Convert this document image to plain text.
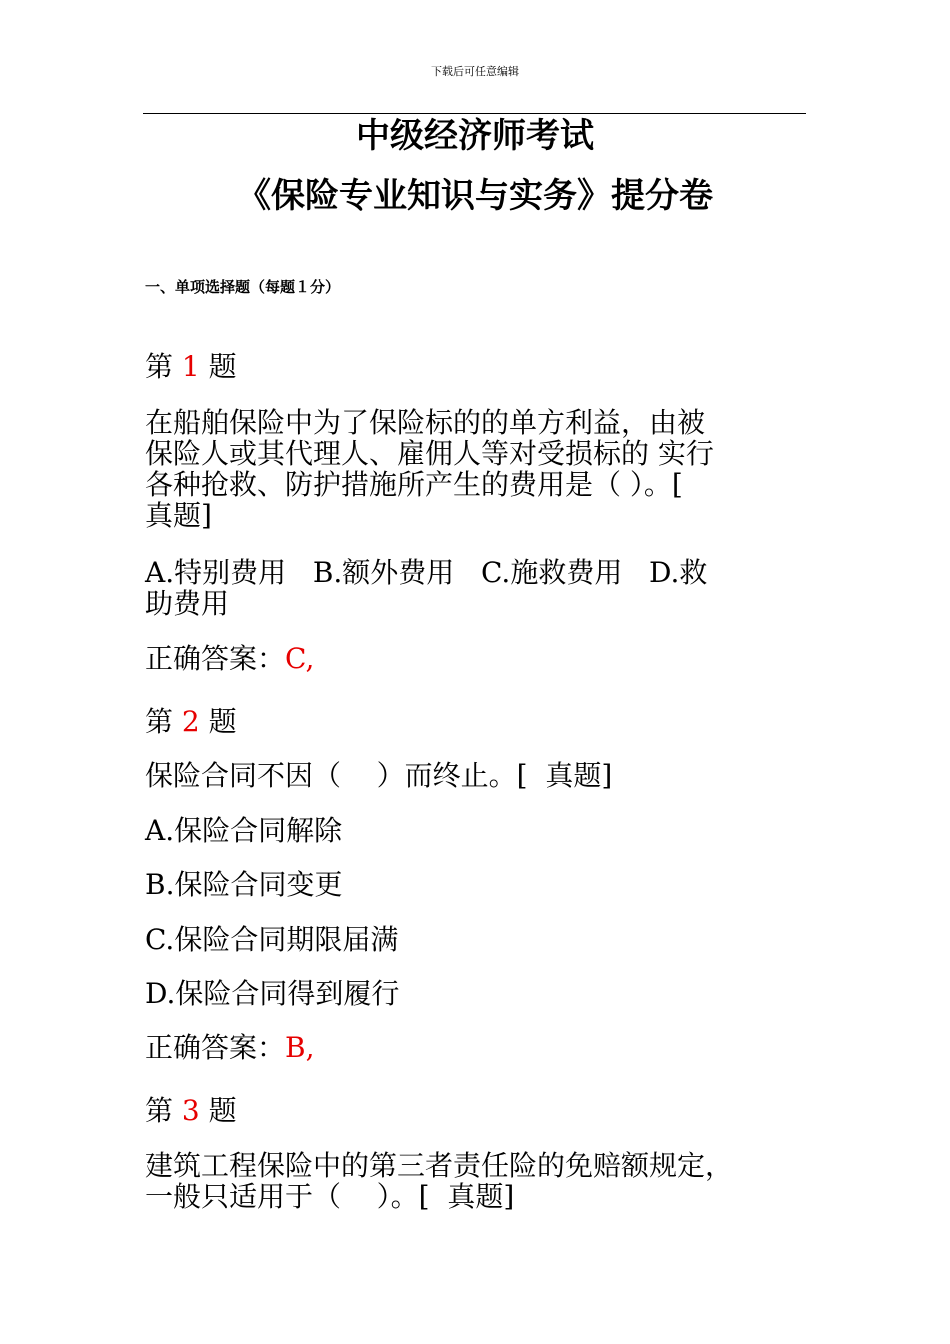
下载后可任意编辑
中级经济师考试
《保险专业知识与实务》提分卷
一、单项选择题（每题１分）
第 1 题
在船舶保险中为了保险标的的单方利益，由被
保险人或其代理人、雇佣人等对受损标的 实行
各种抢救、防护措施所产生的费用是（ ）。[
真题]
A.特别费用   B.额外费用   C.施救费用   D.救
助费用
正确答案：C,
第 2 题
保险合同不因（    ）而终止。[  真题]
A.保险合同解除
B.保险合同变更
C.保险合同期限届满
D.保险合同得到履行
正确答案：B,
第 3 题
建筑工程保险中的第三者责任险的免赔额规定，
一般只适用于（    ）。[  真题]
